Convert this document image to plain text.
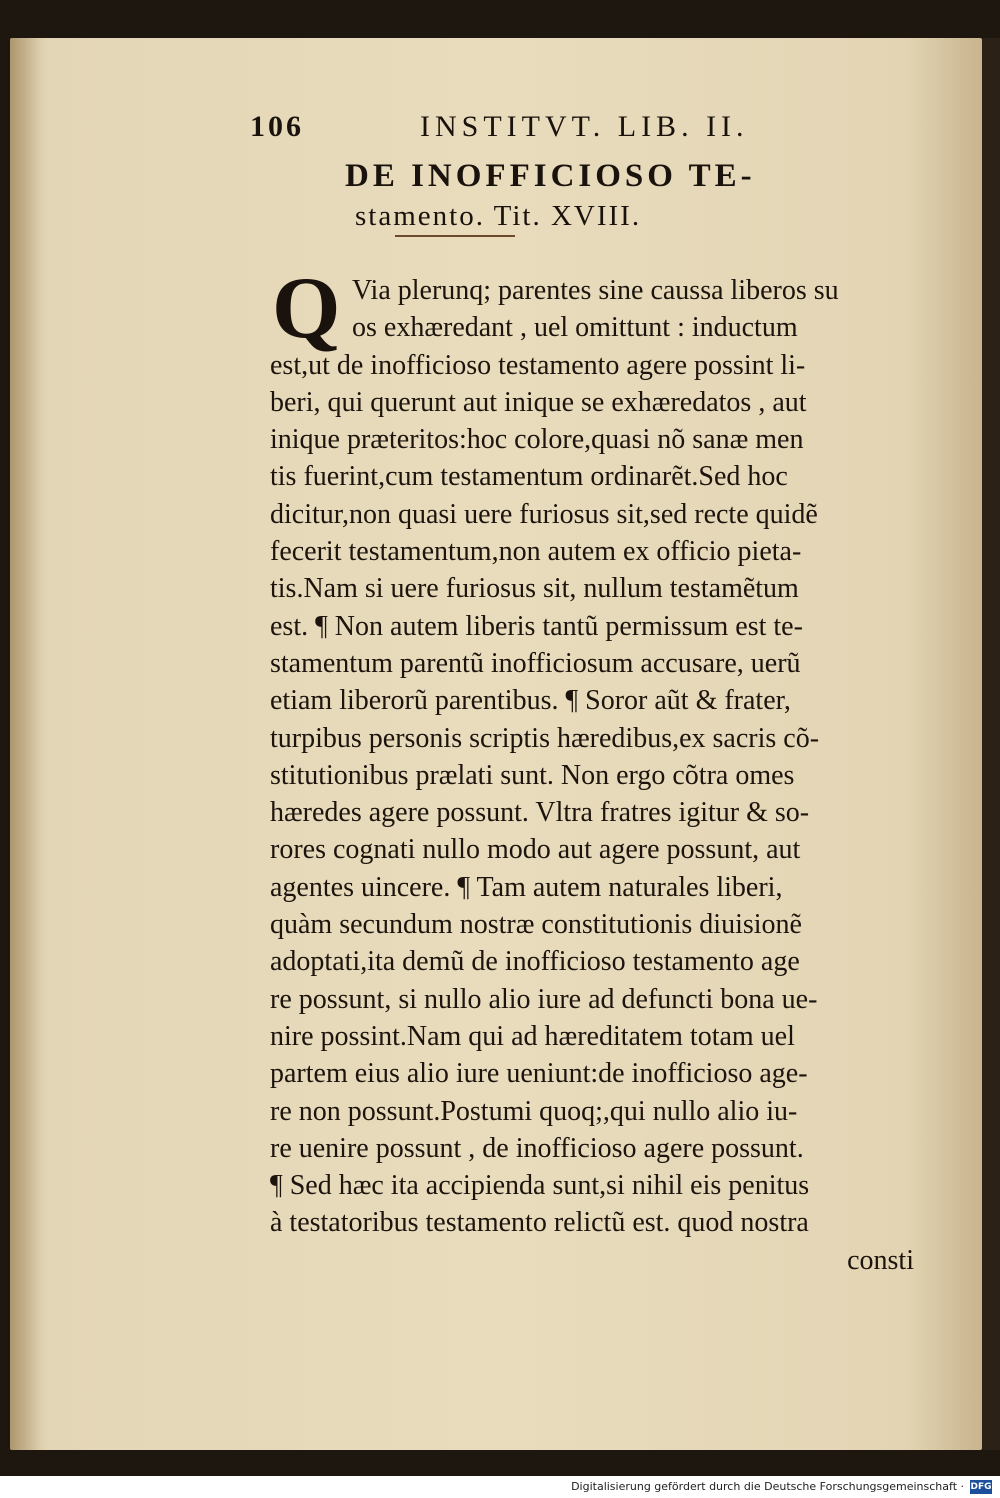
106	INSTITVT. LIB. II.
DE INOFFICIOSO TE-
stamento. Tit. XVIII.
Q Via plerunq; parentes sine caussa liberos su
os exhæredant , uel omittunt : inductum
est,ut de inofficioso testamento agere possint li-
beri, qui querunt aut inique se exhæredatos , aut
inique præteritos:hoc colore,quasi nõ sanæ men
tis fuerint,cum testamentum ordinarẽt.Sed hoc
dicitur,non quasi uere furiosus sit,sed recte quidẽ
fecerit testamentum,non autem ex officio pieta-
tis.Nam si uere furiosus sit, nullum testamẽtum
est. ¶ Non autem liberis tantũ permissum est te-
stamentum parentũ inofficiosum accusare, uerũ
etiam liberorũ parentibus. ¶ Soror aũt & frater,
turpibus personis scriptis hæredibus,ex sacris cõ-
stitutionibus prælati sunt. Non ergo cõtra omes
hæredes agere possunt. Vltra fratres igitur & so-
rores cognati nullo modo aut agere possunt, aut
agentes uincere. ¶ Tam autem naturales liberi,
quàm secundum nostræ constitutionis diuisionẽ
adoptati,ita demũ de inofficioso testamento age
re possunt, si nullo alio iure ad defuncti bona ue-
nire possint.Nam qui ad hæreditatem totam uel
partem eius alio iure ueniunt:de inofficioso age-
re non possunt.Postumi quoq;,qui nullo alio iu-
re uenire possunt , de inofficioso agere possunt.
¶ Sed hæc ita accipienda sunt,si nihil eis penitus
à testatoribus testamento relictũ est. quod nostra
consti
Digitalisierung gefördert durch die Deutsche Forschungsgemeinschaft · DFG
